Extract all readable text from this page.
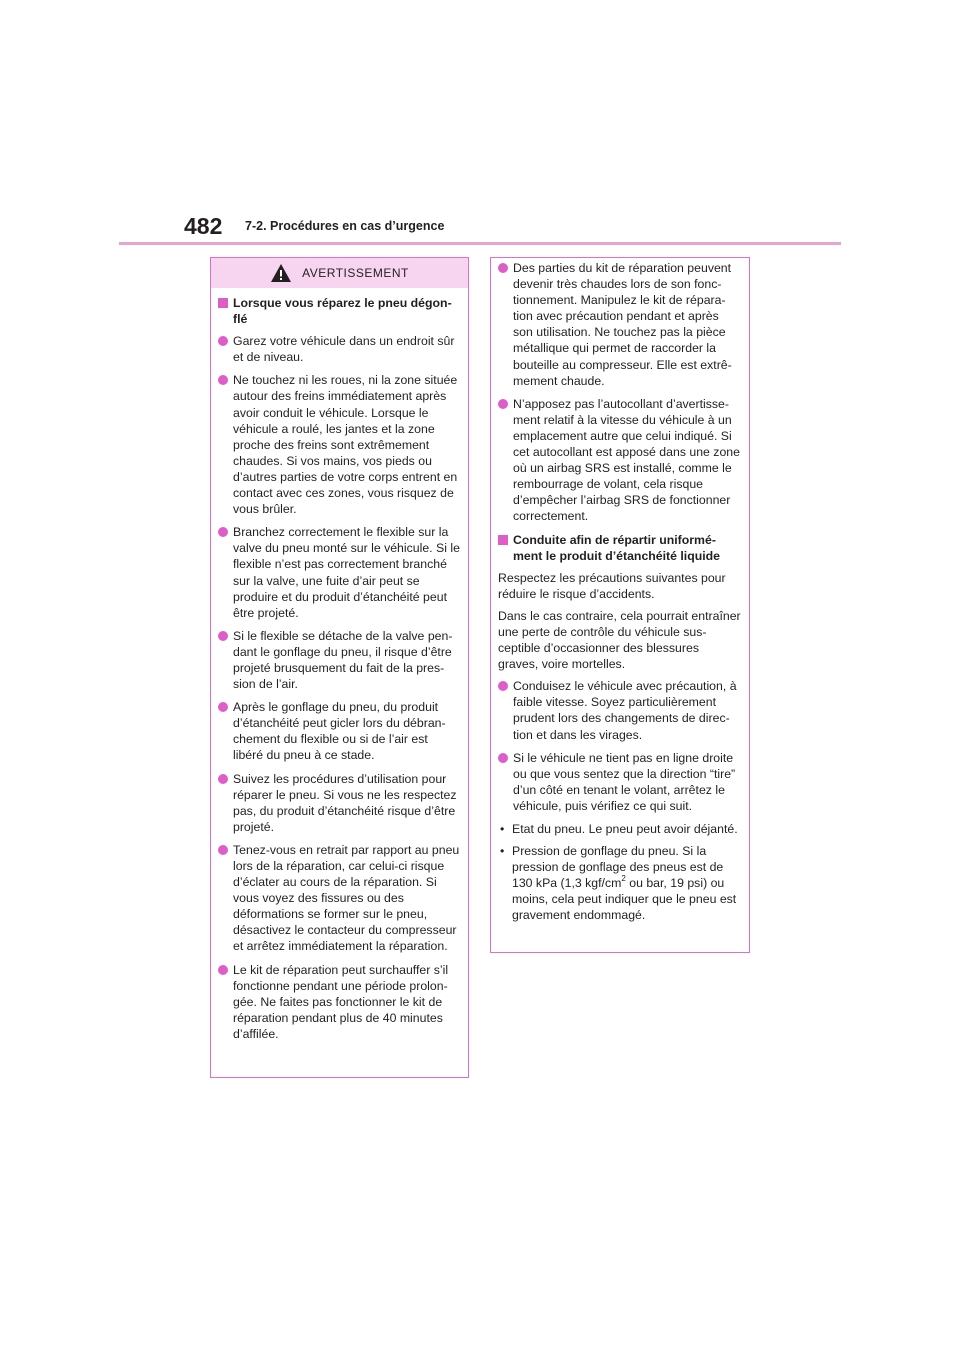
482 7-2. Procédures en cas d’urgence
AVERTISSEMENT
Lorsque vous réparez le pneu dégonflé
Garez votre véhicule dans un endroit sûr et de niveau.
Ne touchez ni les roues, ni la zone située autour des freins immédiatement après avoir conduit le véhicule. Lorsque le véhicule a roulé, les jantes et la zone proche des freins sont extrêmement chaudes. Si vos mains, vos pieds ou d’autres parties de votre corps entrent en contact avec ces zones, vous risquez de vous brûler.
Branchez correctement le flexible sur la valve du pneu monté sur le véhicule. Si le flexible n’est pas correctement branché sur la valve, une fuite d’air peut se produire et du produit d’étanchéité peut être projeté.
Si le flexible se détache de la valve pendant le gonflage du pneu, il risque d’être projeté brusquement du fait de la pression de l’air.
Après le gonflage du pneu, du produit d’étanchéité peut gicler lors du débranchement du flexible ou si de l’air est libéré du pneu à ce stade.
Suivez les procédures d’utilisation pour réparer le pneu. Si vous ne les respectez pas, du produit d’étanchéité risque d’être projeté.
Tenez-vous en retrait par rapport au pneu lors de la réparation, car celui-ci risque d’éclater au cours de la réparation. Si vous voyez des fissures ou des déformations se former sur le pneu, désactivez le contacteur du compresseur et arrêtez immédiatement la réparation.
Le kit de réparation peut surchauffer s’il fonctionne pendant une période prolongée. Ne faites pas fonctionner le kit de réparation pendant plus de 40 minutes d’affilée.
Des parties du kit de réparation peuvent devenir très chaudes lors de son fonctionnement. Manipulez le kit de réparation avec précaution pendant et après son utilisation. Ne touchez pas la pièce métallique qui permet de raccorder la bouteille au compresseur. Elle est extrêmement chaude.
N’apposez pas l’autocollant d’avertissement relatif à la vitesse du véhicule à un emplacement autre que celui indiqué. Si cet autocollant est apposé dans une zone où un airbag SRS est installé, comme le rembourrage de volant, cela risque d’empêcher l’airbag SRS de fonctionner correctement.
Conduite afin de répartir uniformément le produit d’étanchéité liquide
Respectez les précautions suivantes pour réduire le risque d’accidents.
Dans le cas contraire, cela pourrait entraîner une perte de contrôle du véhicule susceptible d’occasionner des blessures graves, voire mortelles.
Conduisez le véhicule avec précaution, à faible vitesse. Soyez particulièrement prudent lors des changements de direction et dans les virages.
Si le véhicule ne tient pas en ligne droite ou que vous sentez que la direction “tire” d’un côté en tenant le volant, arrêtez le véhicule, puis vérifiez ce qui suit.
• Etat du pneu. Le pneu peut avoir déjanté.
• Pression de gonflage du pneu. Si la pression de gonflage des pneus est de 130 kPa (1,3 kgf/$cm^2$ ou bar, 19 psi) ou moins, cela peut indiquer que le pneu est gravement endommagé.
